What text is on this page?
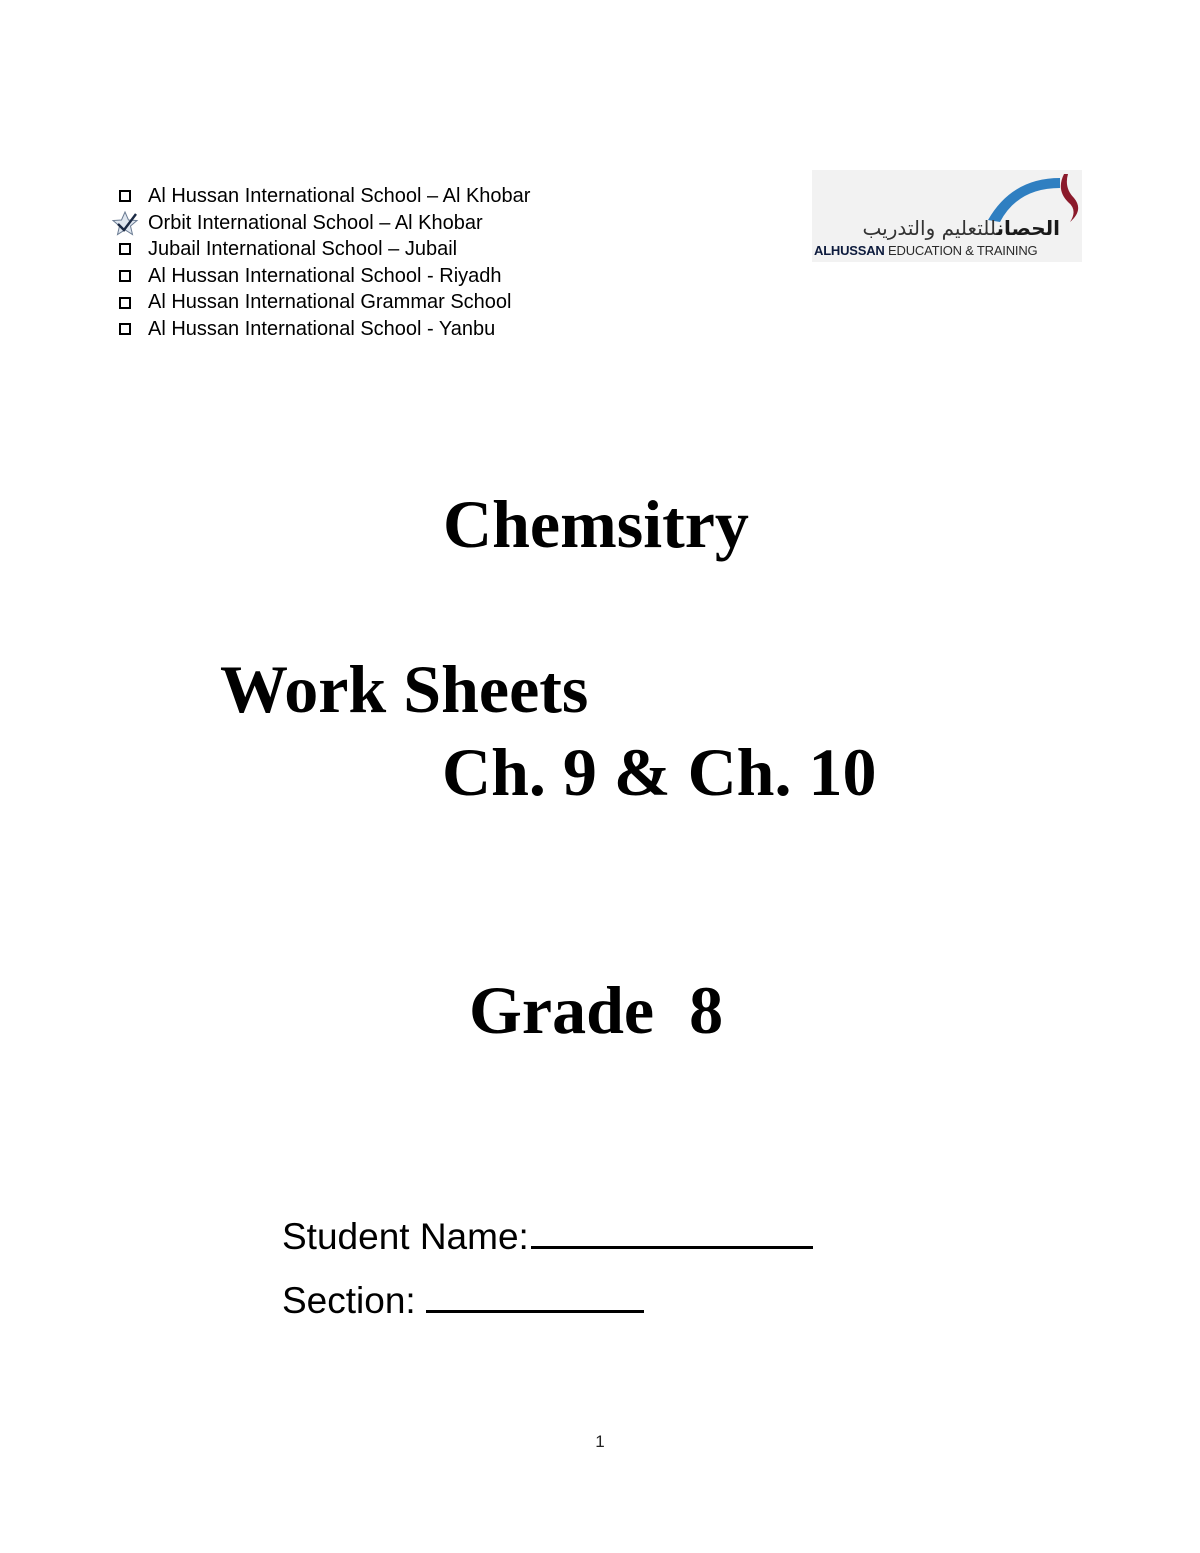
Al Hussan International School – Al Khobar
Orbit International School – Al Khobar
Jubail International School – Jubail
Al Hussan International School - Riyadh
Al Hussan International Grammar School
Al Hussan International School - Yanbu
الحصانللتعليم والتدريب
ALHUSSAN EDUCATION & TRAINING
Chemsitry
Work Sheets
Ch. 9 & Ch. 10
Grade 8
Student Name:
Section:
1
